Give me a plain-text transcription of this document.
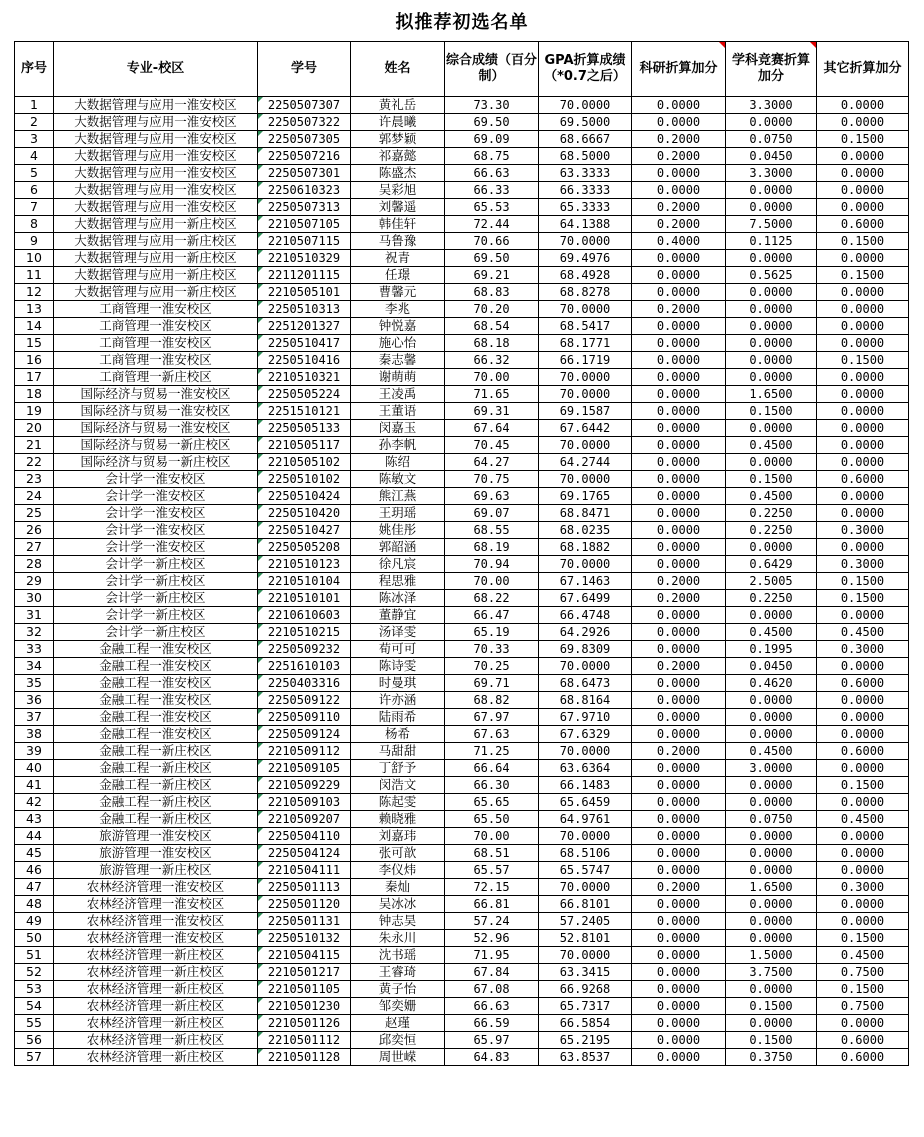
拟推荐初选名单
序号	专业-校区	学号	姓名	综合成绩（百分制）	GPA折算成绩（*0.7之后）	科研折算加分	学科竞赛折算加分	其它折算加分
1	大数据管理与应用一淮安校区	2250507307	黄礼岳	73.30	70.0000	0.0000	3.3000	0.0000
2	大数据管理与应用一淮安校区	2250507322	许晨曦	69.50	69.5000	0.0000	0.0000	0.0000
3	大数据管理与应用一淮安校区	2250507305	郭梦颖	69.09	68.6667	0.2000	0.0750	0.1500
4	大数据管理与应用一淮安校区	2250507216	祁嘉懿	68.75	68.5000	0.2000	0.0450	0.0000
5	大数据管理与应用一淮安校区	2250507301	陈盛杰	66.63	63.3333	0.0000	3.3000	0.0000
6	大数据管理与应用一淮安校区	2250610323	吴彩旭	66.33	66.3333	0.0000	0.0000	0.0000
7	大数据管理与应用一淮安校区	2250507313	刘馨遥	65.53	65.3333	0.2000	0.0000	0.0000
8	大数据管理与应用一新庄校区	2210507105	韩佳轩	72.44	64.1388	0.2000	7.5000	0.6000
9	大数据管理与应用一新庄校区	2210507115	马鲁豫	70.66	70.0000	0.4000	0.1125	0.1500
10	大数据管理与应用一新庄校区	2210510329	祝青	69.50	69.4976	0.0000	0.0000	0.0000
11	大数据管理与应用一新庄校区	2211201115	任璟	69.21	68.4928	0.0000	0.5625	0.1500
12	大数据管理与应用一新庄校区	2210505101	曹馨元	68.83	68.8278	0.0000	0.0000	0.0000
13	工商管理一淮安校区	2250510313	李兆	70.20	70.0000	0.2000	0.0000	0.0000
14	工商管理一淮安校区	2251201327	钟悦嘉	68.54	68.5417	0.0000	0.0000	0.0000
15	工商管理一淮安校区	2250510417	施心怡	68.18	68.1771	0.0000	0.0000	0.0000
16	工商管理一淮安校区	2250510416	秦志馨	66.32	66.1719	0.0000	0.0000	0.1500
17	工商管理一新庄校区	2210510321	谢萌萌	70.00	70.0000	0.0000	0.0000	0.0000
18	国际经济与贸易一淮安校区	2250505224	王凌禹	71.65	70.0000	0.0000	1.6500	0.0000
19	国际经济与贸易一淮安校区	2251510121	王董语	69.31	69.1587	0.0000	0.1500	0.0000
20	国际经济与贸易一淮安校区	2250505133	闵嘉玉	67.64	67.6442	0.0000	0.0000	0.0000
21	国际经济与贸易一新庄校区	2210505117	孙李帆	70.45	70.0000	0.0000	0.4500	0.0000
22	国际经济与贸易一新庄校区	2210505102	陈绍	64.27	64.2744	0.0000	0.0000	0.0000
23	会计学一淮安校区	2250510102	陈敏文	70.75	70.0000	0.0000	0.1500	0.6000
24	会计学一淮安校区	2250510424	熊江燕	69.63	69.1765	0.0000	0.4500	0.0000
25	会计学一淮安校区	2250510420	王玥瑶	69.07	68.8471	0.0000	0.2250	0.0000
26	会计学一淮安校区	2250510427	姚佳彤	68.55	68.0235	0.0000	0.2250	0.3000
27	会计学一淮安校区	2250505208	郭韶涵	68.19	68.1882	0.0000	0.0000	0.0000
28	会计学一新庄校区	2210510123	徐凡宸	70.94	70.0000	0.0000	0.6429	0.3000
29	会计学一新庄校区	2210510104	程思雅	70.00	67.1463	0.2000	2.5005	0.1500
30	会计学一新庄校区	2210510101	陈冰泽	68.22	67.6499	0.2000	0.2250	0.1500
31	会计学一新庄校区	2210610603	董静宜	66.47	66.4748	0.0000	0.0000	0.0000
32	会计学一新庄校区	2210510215	汤译雯	65.19	64.2926	0.0000	0.4500	0.4500
33	金融工程一淮安校区	2250509232	荀可可	70.33	69.8309	0.0000	0.1995	0.3000
34	金融工程一淮安校区	2251610103	陈诗雯	70.25	70.0000	0.2000	0.0450	0.0000
35	金融工程一淮安校区	2250403316	时曼琪	69.71	68.6473	0.0000	0.4620	0.6000
36	金融工程一淮安校区	2250509122	许亦涵	68.82	68.8164	0.0000	0.0000	0.0000
37	金融工程一淮安校区	2250509110	陆雨希	67.97	67.9710	0.0000	0.0000	0.0000
38	金融工程一淮安校区	2250509124	杨希	67.63	67.6329	0.0000	0.0000	0.0000
39	金融工程一新庄校区	2210509112	马甜甜	71.25	70.0000	0.2000	0.4500	0.6000
40	金融工程一新庄校区	2210509105	丁舒予	66.64	63.6364	0.0000	3.0000	0.0000
41	金融工程一新庄校区	2210509229	闵浩文	66.30	66.1483	0.0000	0.0000	0.1500
42	金融工程一新庄校区	2210509103	陈起雯	65.65	65.6459	0.0000	0.0000	0.0000
43	金融工程一新庄校区	2210509207	赖晓雅	65.50	64.9761	0.0000	0.0750	0.4500
44	旅游管理一淮安校区	2250504110	刘嘉玮	70.00	70.0000	0.0000	0.0000	0.0000
45	旅游管理一淮安校区	2250504124	张可歆	68.51	68.5106	0.0000	0.0000	0.0000
46	旅游管理一新庄校区	2210504111	李仪炜	65.57	65.5747	0.0000	0.0000	0.0000
47	农林经济管理一淮安校区	2250501113	秦灿	72.15	70.0000	0.2000	1.6500	0.3000
48	农林经济管理一淮安校区	2250501120	吴冰冰	66.81	66.8101	0.0000	0.0000	0.0000
49	农林经济管理一淮安校区	2250501131	钟志昊	57.24	57.2405	0.0000	0.0000	0.0000
50	农林经济管理一淮安校区	2250510132	朱永川	52.96	52.8101	0.0000	0.0000	0.1500
51	农林经济管理一新庄校区	2210504115	沈书瑶	71.95	70.0000	0.0000	1.5000	0.4500
52	农林经济管理一新庄校区	2210501217	王睿琦	67.84	63.3415	0.0000	3.7500	0.7500
53	农林经济管理一新庄校区	2210501105	黄子怡	67.08	66.9268	0.0000	0.0000	0.1500
54	农林经济管理一新庄校区	2210501230	邹奕姗	66.63	65.7317	0.0000	0.1500	0.7500
55	农林经济管理一新庄校区	2210501126	赵瑾	66.59	66.5854	0.0000	0.0000	0.0000
56	农林经济管理一新庄校区	2210501112	邱奕恒	65.97	65.2195	0.0000	0.1500	0.6000
57	农林经济管理一新庄校区	2210501128	周世嵘	64.83	63.8537	0.0000	0.3750	0.6000
